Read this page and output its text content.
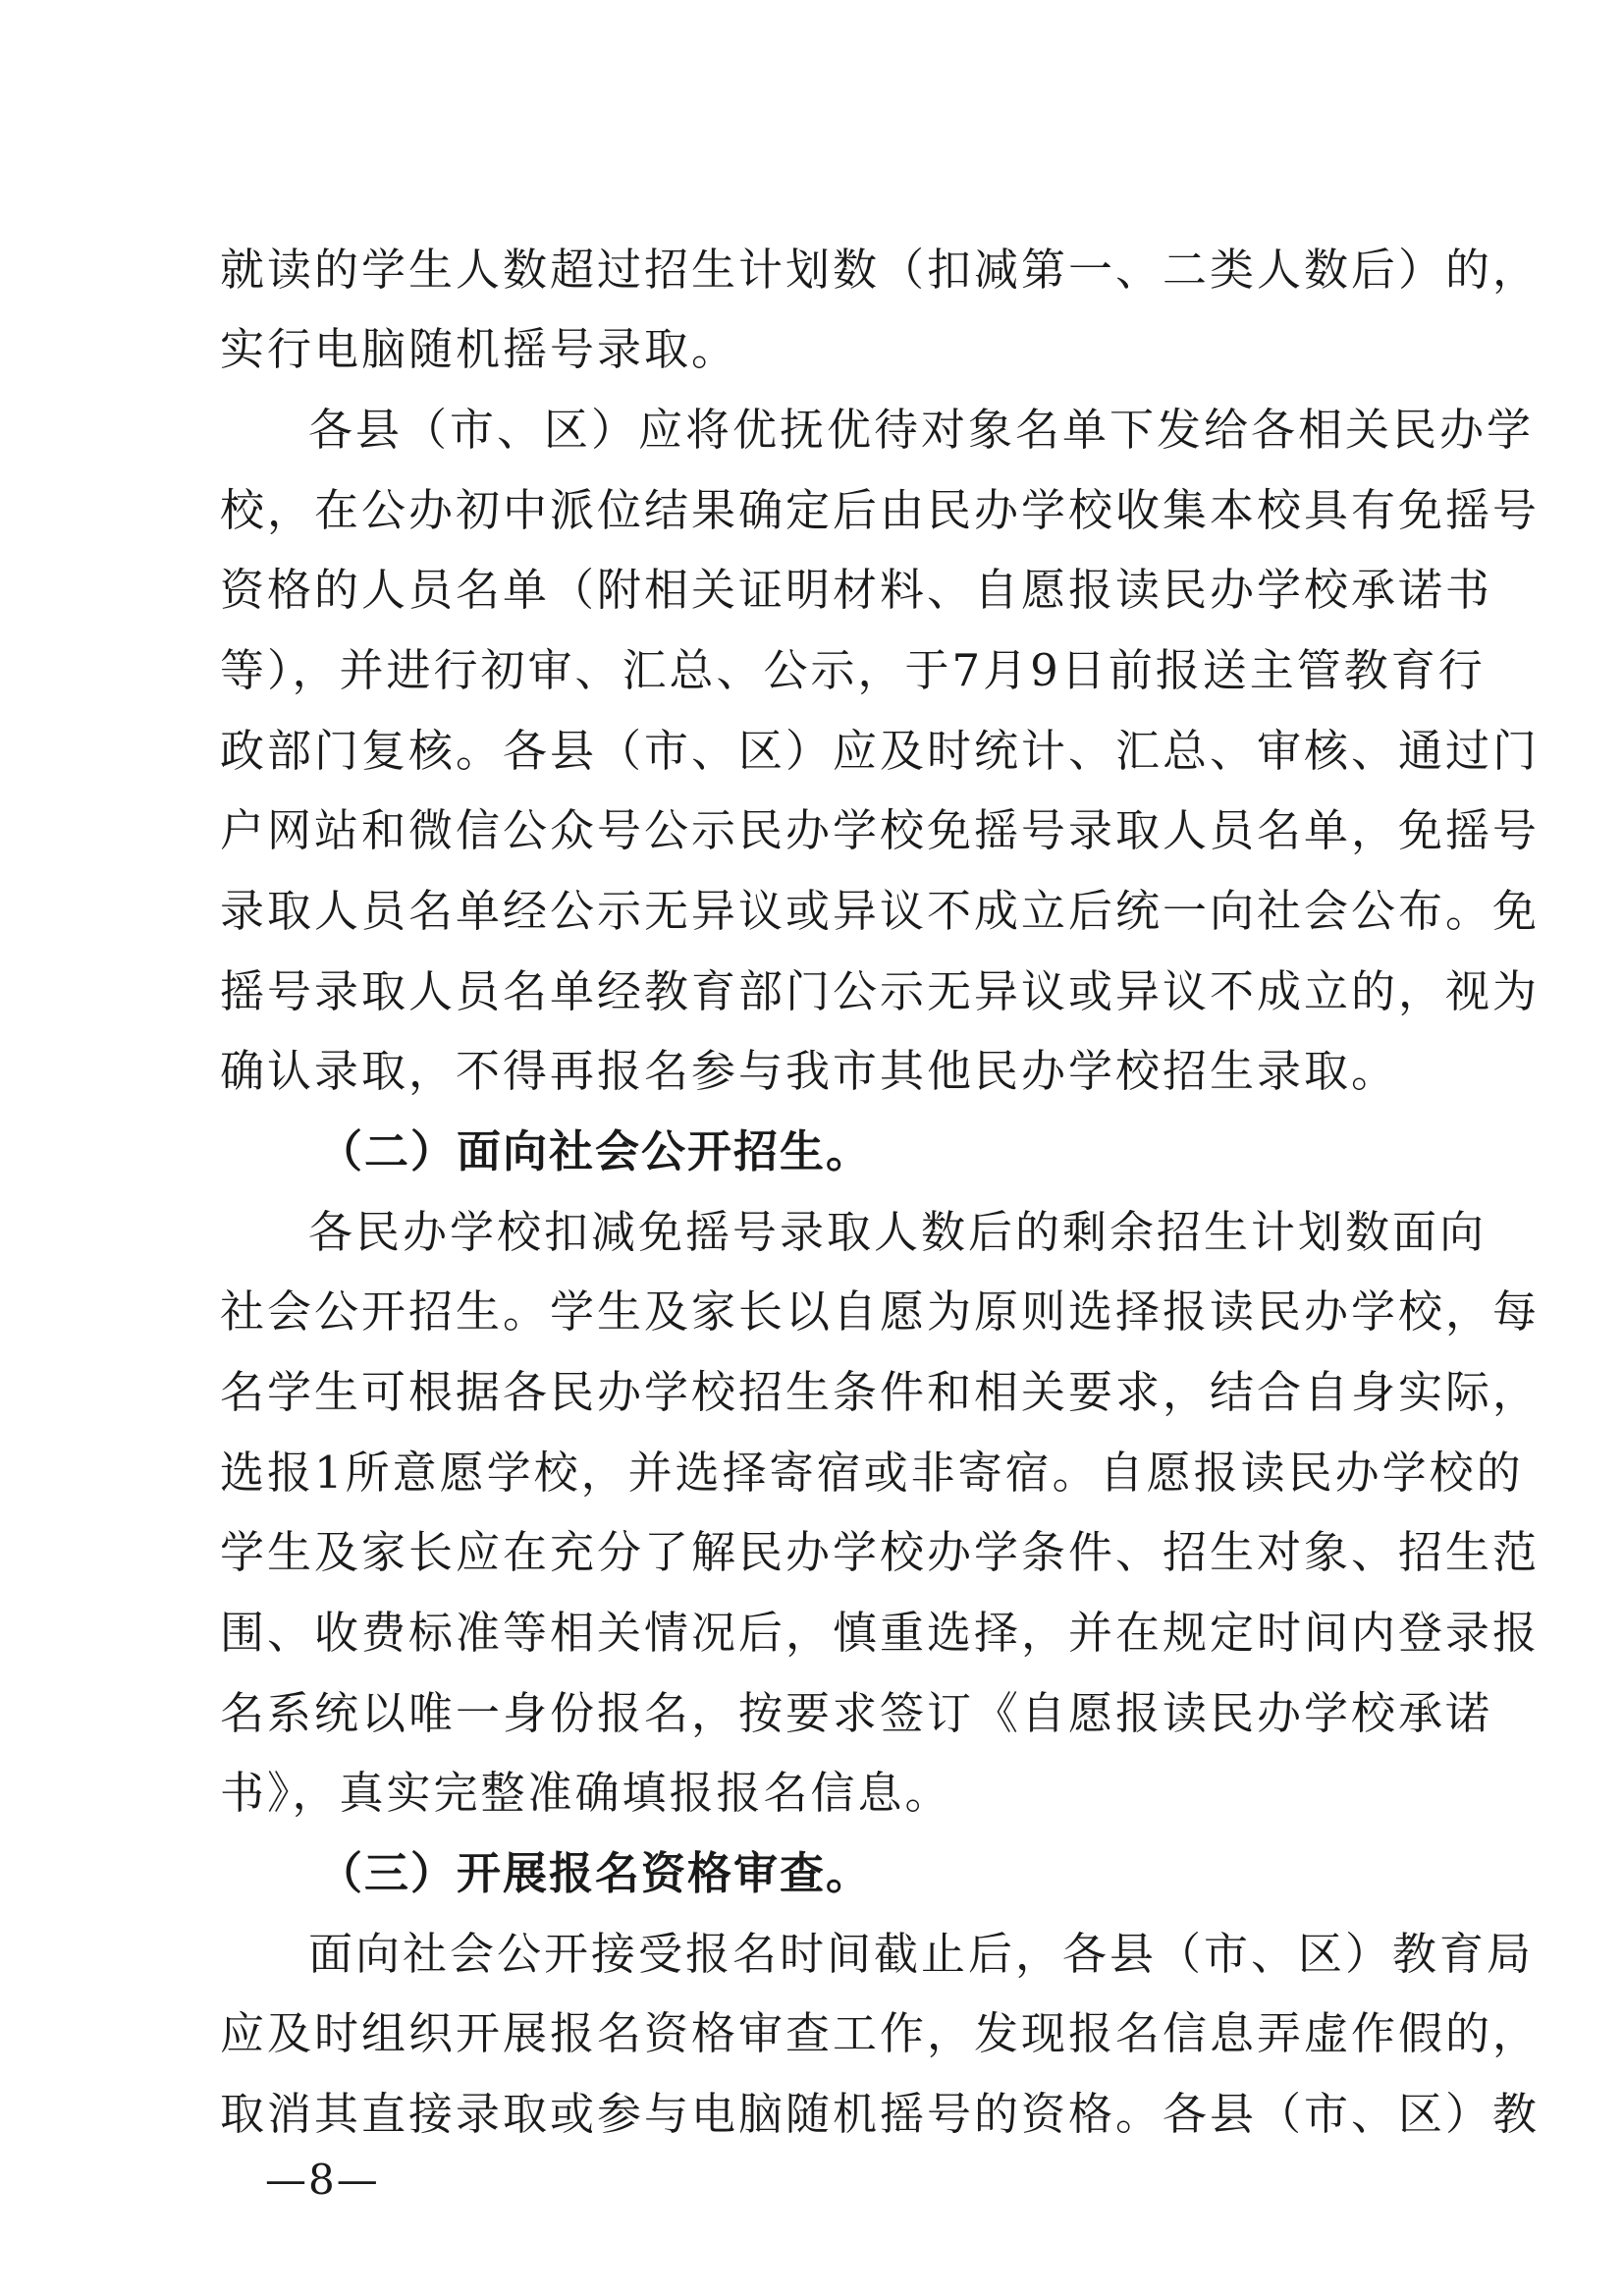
就读的学生人数超过招生计划数（扣减第一、二类人数后）的，
实行电脑随机摇号录取。
各县（市、区）应将优抚优待对象名单下发给各相关民办学
校，在公办初中派位结果确定后由民办学校收集本校具有免摇号
资格的人员名单（附相关证明材料、自愿报读民办学校承诺书
等），并进行初审、汇总、公示，于7月9日前报送主管教育行
政部门复核。各县（市、区）应及时统计、汇总、审核、通过门
户网站和微信公众号公示民办学校免摇号录取人员名单，免摇号
录取人员名单经公示无异议或异议不成立后统一向社会公布。免
摇号录取人员名单经教育部门公示无异议或异议不成立的，视为
确认录取，不得再报名参与我市其他民办学校招生录取。
（二）面向社会公开招生。
各民办学校扣减免摇号录取人数后的剩余招生计划数面向
社会公开招生。学生及家长以自愿为原则选择报读民办学校，每
名学生可根据各民办学校招生条件和相关要求，结合自身实际，
选报1所意愿学校，并选择寄宿或非寄宿。自愿报读民办学校的
学生及家长应在充分了解民办学校办学条件、招生对象、招生范
围、收费标准等相关情况后，慎重选择，并在规定时间内登录报
名系统以唯一身份报名，按要求签订《自愿报读民办学校承诺
书》，真实完整准确填报报名信息。
（三）开展报名资格审查。
面向社会公开接受报名时间截止后，各县（市、区）教育局
应及时组织开展报名资格审查工作，发现报名信息弄虚作假的，
取消其直接录取或参与电脑随机摇号的资格。各县（市、区）教
—8—
